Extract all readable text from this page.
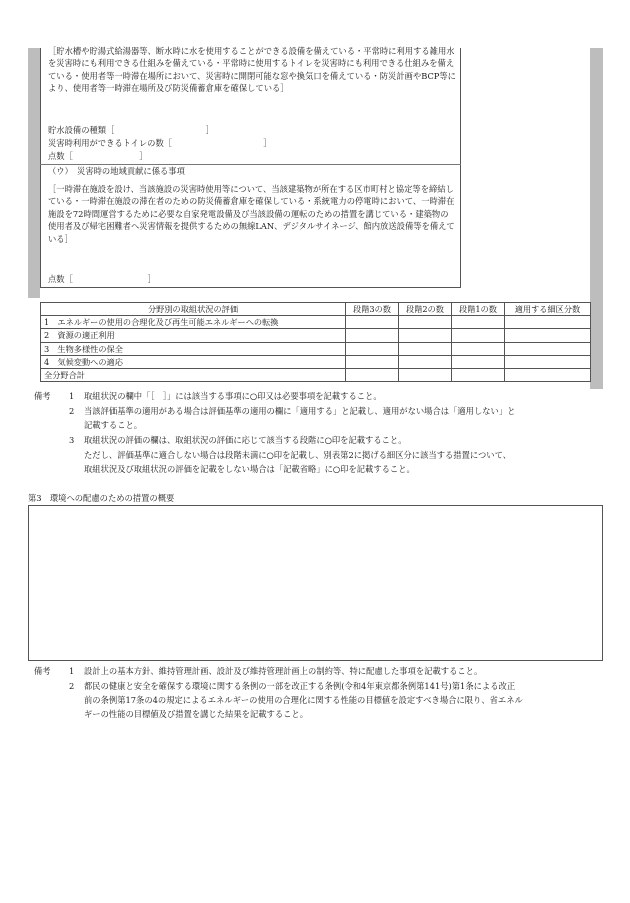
［貯水槽や貯湯式給湯器等、断水時に水を使用することができる設備を備えている・平常時に利用する雑用水を災害時にも利用できる仕組みを備えている・平常時に使用するトイレを災害時にも利用できる仕組みを備えている・使用者等一時滞在場所において、災害時に開閉可能な窓や換気口を備えている・防災計画やBCP等により、使用者等一時滞在場所及び防災備蓄倉庫を確保している］
貯水設備の種類［　　　　　　　　　　　］
災害時利用ができるトイレの数［　　　　　　　　　　　］
点数［　　　　　　　　］
（ウ）　災害時の地域貢献に係る事項
［一時滞在施設を設け、当該施設の災害時使用等について、当該建築物が所在する区市町村と協定等を締結している・一時滞在施設の滞在者のための防災備蓄倉庫を確保している・系統電力の停電時において、一時滞在施設を72時間運営するために必要な自家発電設備及び当該設備の運転のための措置を講じている・建築物の使用者及び帰宅困難者へ災害情報を提供するための無線LAN、デジタルサイネージ、館内放送設備等を備えている］
点数［　　　　　　　　　］
分野別の取組状況の評価	段階3の数	段階2の数	段階1の数	適用する細区分数
1　エネルギーの使用の合理化及び再生可能エネルギーへの転換				
2　資源の適正利用				
3　生物多様性の保全				
4　気候変動への適応				
全分野合計				
備考 1 取組状況の欄中「［　］」には該当する事項に○印又は必要事項を記載すること。
2 当該評価基準の適用がある場合は評価基準の適用の欄に「適用する」と記載し、適用がない場合は「適用しない」と
記載すること。
3 取組状況の評価の欄は、取組状況の評価に応じて該当する段階に○印を記載すること。
ただし、評価基準に適合しない場合は段階未満に○印を記載し、別表第2に掲げる細区分に該当する措置について、
取組状況及び取組状況の評価を記載をしない場合は「記載省略」に○印を記載すること。
第3　環境への配慮のための措置の概要
備考 1 設計上の基本方針、維持管理計画、設計及び維持管理計画上の制約等、特に配慮した事項を記載すること。
2 都民の健康と安全を確保する環境に関する条例の一部を改正する条例(令和4年東京都条例第141号)第1条による改正
前の条例第17条の4の規定によるエネルギーの使用の合理化に関する性能の目標値を設定すべき場合に限り、省エネル
ギーの性能の目標値及び措置を講じた結果を記載すること。
